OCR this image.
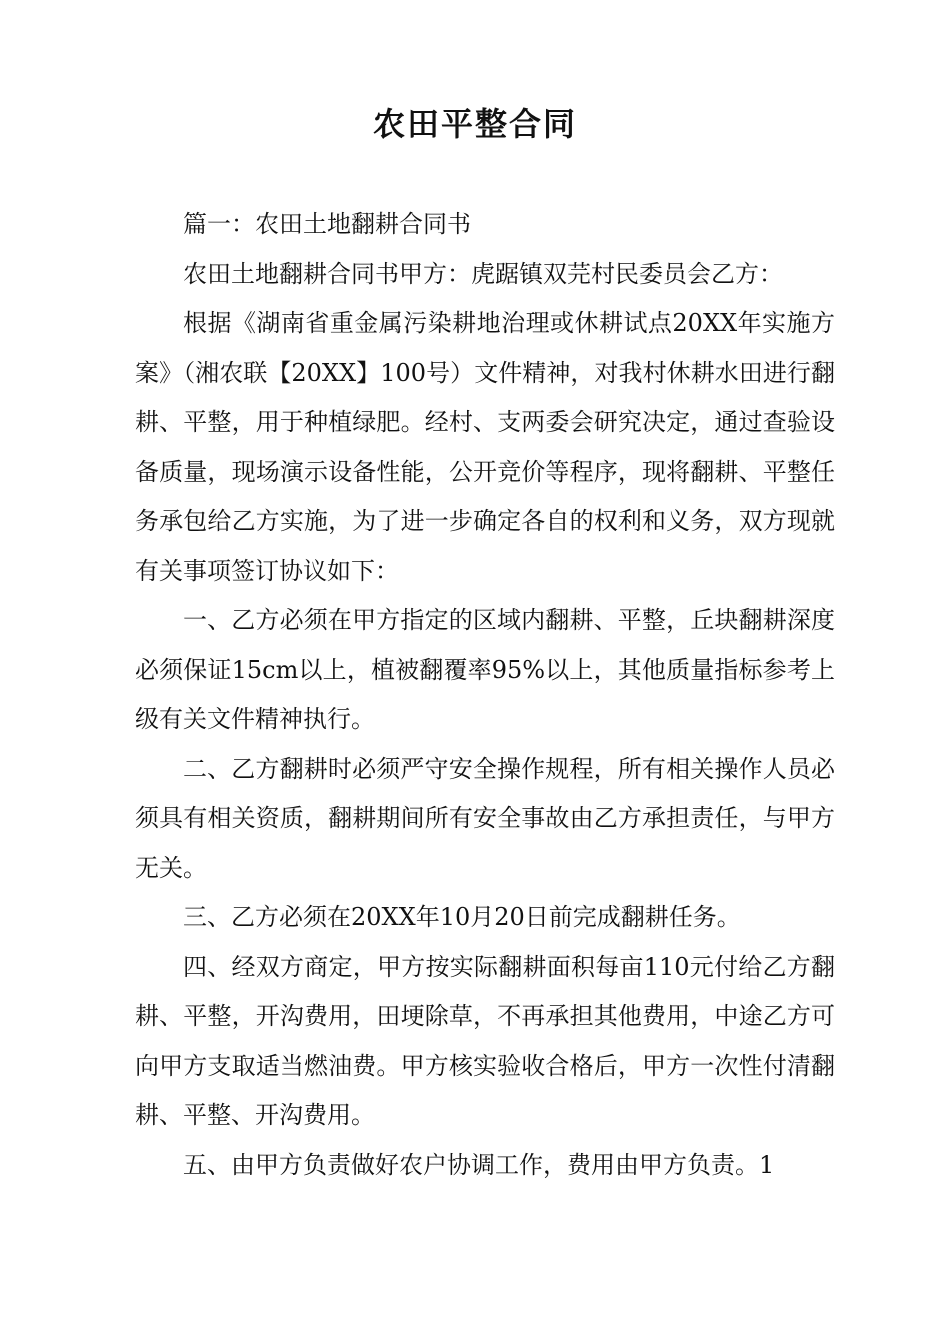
农田平整合同

篇一：农田土地翻耕合同书

农田土地翻耕合同书甲方：虎踞镇双芫村民委员会乙方：

根据《湖南省重金属污染耕地治理或休耕试点20XX年实施方案》（湘农联【20XX】100号）文件精神，对我村休耕水田进行翻耕、平整，用于种植绿肥。经村、支两委会研究决定，通过查验设备质量，现场演示设备性能，公开竞价等程序，现将翻耕、平整任务承包给乙方实施，为了进一步确定各自的权利和义务，双方现就有关事项签订协议如下：

一、乙方必须在甲方指定的区域内翻耕、平整，丘块翻耕深度必须保证15cm以上，植被翻覆率95%以上，其他质量指标参考上级有关文件精神执行。

二、乙方翻耕时必须严守安全操作规程，所有相关操作人员必须具有相关资质，翻耕期间所有安全事故由乙方承担责任，与甲方无关。

三、乙方必须在20XX年10月20日前完成翻耕任务。

四、经双方商定，甲方按实际翻耕面积每亩110元付给乙方翻耕、平整，开沟费用，田埂除草，不再承担其他费用，中途乙方可向甲方支取适当燃油费。甲方核实验收合格后，甲方一次性付清翻耕、平整、开沟费用。

五、由甲方负责做好农户协调工作，费用由甲方负责。1
